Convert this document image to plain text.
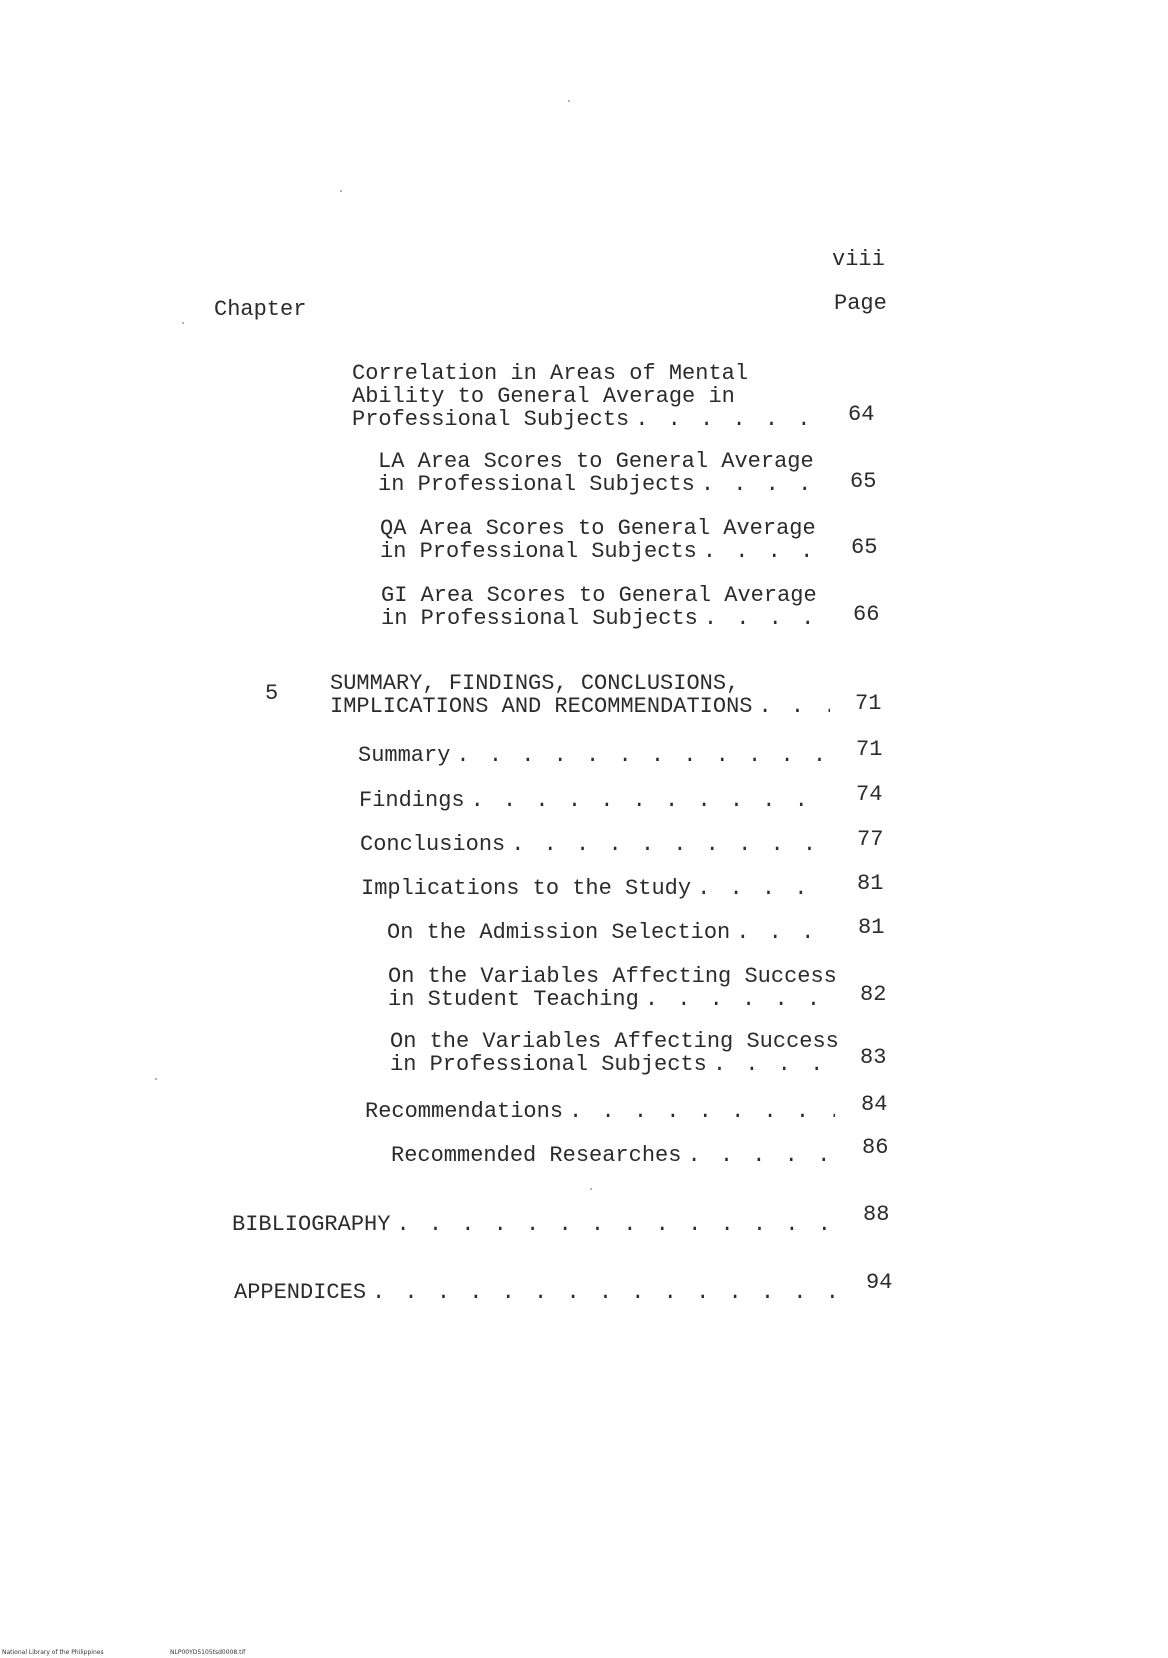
viii
Chapter	Page
Correlation in Areas of Mental
Ability to General Average in
Professional Subjects . . .	64
LA Area Scores to General Average
in Professional Subjects . . .	65
QA Area Scores to General Average
in Professional Subjects . . .	65
GI Area Scores to General Average
in Professional Subjects . . .	66
5 SUMMARY, FINDINGS, CONCLUSIONS,
IMPLICATIONS AND RECOMMENDATIONS . . .	71
Summary . . .	71
Findings . . .	74
Conclusions . . .	77
Implications to the Study . . .	81
On the Admission Selection . . .	81
On the Variables Affecting Success
in Student Teaching . . .	82
On the Variables Affecting Success
in Professional Subjects . . .	83
Recommendations . . .	84
Recommended Researches . . .	86
BIBLIOGRAPHY . . .	88
APPENDICES . . .	94
National Library of the Philippines	NLP00YD5105tsd0008.tif
